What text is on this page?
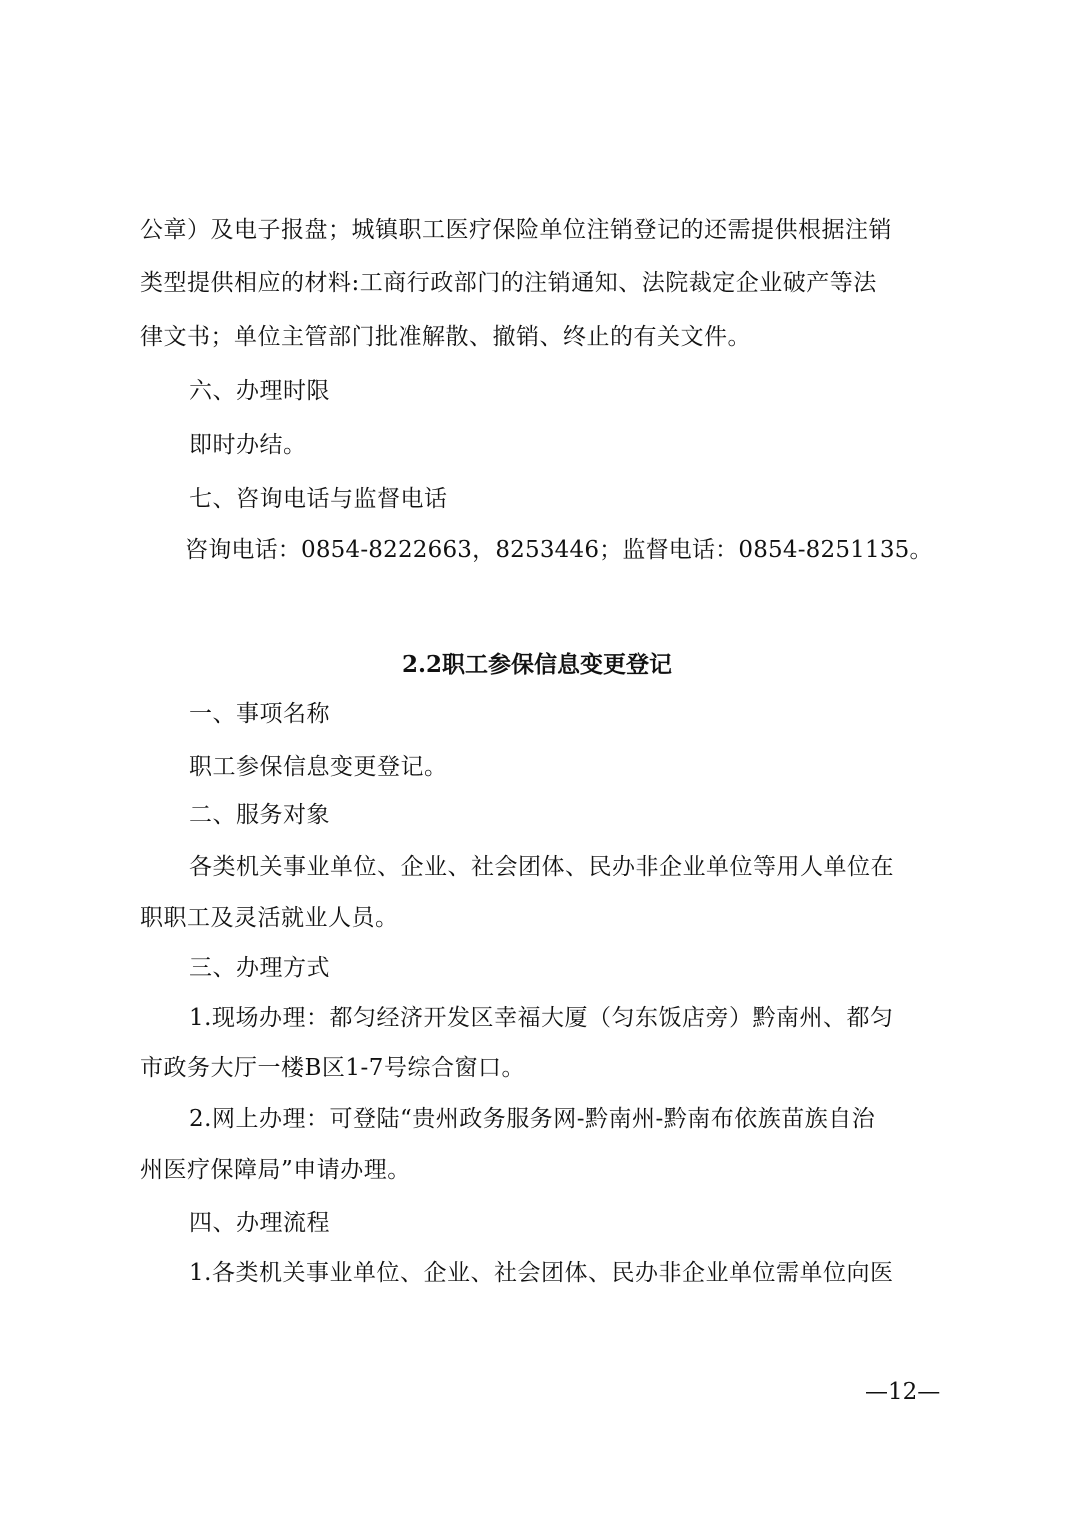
公章）及电子报盘；城镇职工医疗保险单位注销登记的还需提供根据注销
类型提供相应的材料:工商行政部门的注销通知、法院裁定企业破产等法
律文书；单位主管部门批准解散、撤销、终止的有关文件。
六、办理时限
即时办结。
七、咨询电话与监督电话
咨询电话：0854-8222663，8253446；监督电话：0854-8251135。
2.2职工参保信息变更登记
一、事项名称
职工参保信息变更登记。
二、服务对象
各类机关事业单位、企业、社会团体、民办非企业单位等用人单位在
职职工及灵活就业人员。
三、办理方式
1.现场办理：都匀经济开发区幸福大厦（匀东饭店旁）黔南州、都匀
市政务大厅一楼B区1-7号综合窗口。
2.网上办理：可登陆“贵州政务服务网-黔南州-黔南布依族苗族自治
州医疗保障局”申请办理。
四、办理流程
1.各类机关事业单位、企业、社会团体、民办非企业单位需单位向医
—12—
